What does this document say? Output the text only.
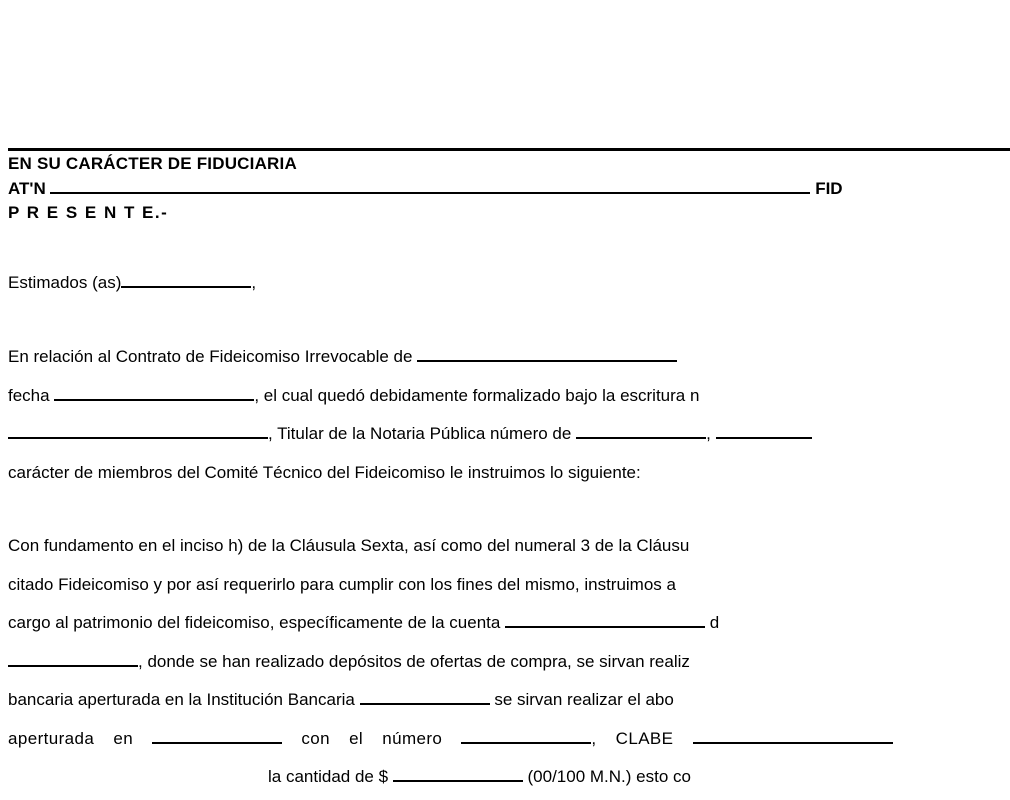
EN SU CARÁCTER DE FIDUCIARIA
AT'N	FID
P R E S E N T E.-
Estimados (as)	,
En relación al Contrato de Fideicomiso Irrevocable de
fecha	, el cual quedó debidamente formalizado bajo la escritura n
, Titular de la Notaria Pública número de	,
carácter de miembros del Comité Técnico del Fideicomiso le instruimos lo siguiente:
Con fundamento en el inciso h) de la Cláusula Sexta, así como del numeral 3 de la Cláusu
citado Fideicomiso y por así requerirlo para cumplir con los fines del mismo, instruimos a
cargo al patrimonio del fideicomiso, específicamente de la cuenta	d
, donde se han realizado depósitos de ofertas de compra, se sirvan realiz
bancaria aperturada en la Institución Bancaria	se sirvan realizar el abo
aperturada en	con el número	, CLABE
la cantidad de $	(00/100 M.N.) esto co
